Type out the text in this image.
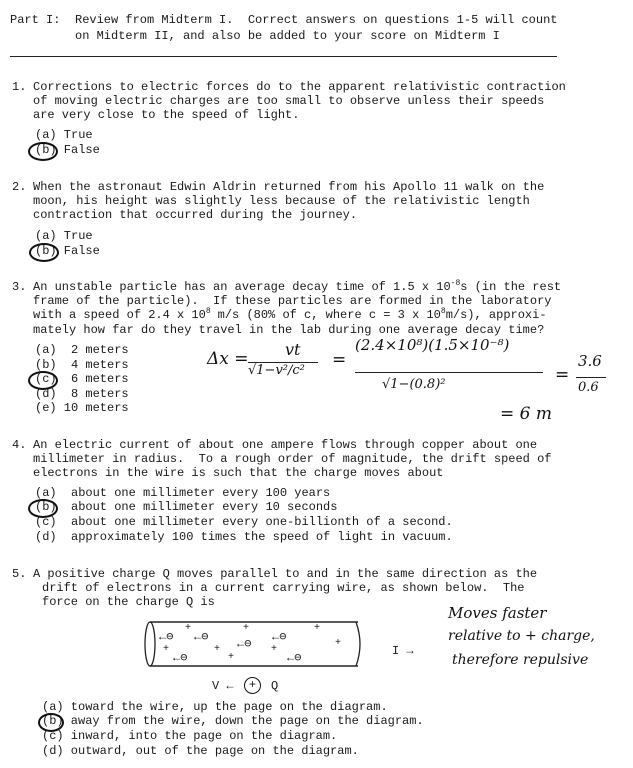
Part I: Review from Midterm I.  Correct answers on questions 1-5 will count
on Midterm II, and also be added to your score on Midterm I
1. Corrections to electric forces do to the apparent relativistic contraction
of moving electric charges are too small to observe unless their speeds
are very close to the speed of light.
(a) True
(b) False
2. When the astronaut Edwin Aldrin returned from his Apollo 11 walk on the
moon, his height was slightly less because of the relativistic length
contraction that occurred during the journey.
(a) True
(b) False
3. An unstable particle has an average decay time of 1.5 x $10^{-8}s$ (in the rest
frame of the particle).  If these particles are formed in the laboratory
with a speed of 2.4 x $10^8$ m/s (80% of c, where c = 3 x $10^8m/s$), approxi-
mately how far do they travel in the lab during one average decay time?
(a)  2 meters
(b)  4 meters
(c)  6 meters
(d)  8 meters
(e) 10 meters
Δx = vt
√1−v²/c²
=
(2.4×10⁸)(1.5×10⁻⁸)
√1−(0.8)²	=
3.6
0.6
= 6 m
4. An electric current of about one ampere flows through copper about one
millimeter in radius.  To a rough order of magnitude, the drift speed of
electrons in the wire is such that the charge moves about
(a)  about one millimeter every 100 years
(b)  about one millimeter every 10 seconds
(c)  about one millimeter every one-billionth of a second.
(d)  approximately 100 times the speed of light in vacuum.
5. A positive charge Q moves parallel to and in the same direction as the
drift of electrons in a current carrying wire, as shown below.  The
force on the charge Q is
←⊖ ←⊖ ←⊖ ←⊖
←⊖	←⊖
+	+	+
+
+	+
+
+	I →
V ←	+	Q
(a) toward the wire, up the page on the diagram.
(b) away from the wire, down the page on the diagram.
(c) inward, into the page on the diagram.
(d) outward, out of the page on the diagram.
Moves faster
relative to + charge,
therefore repulsive
